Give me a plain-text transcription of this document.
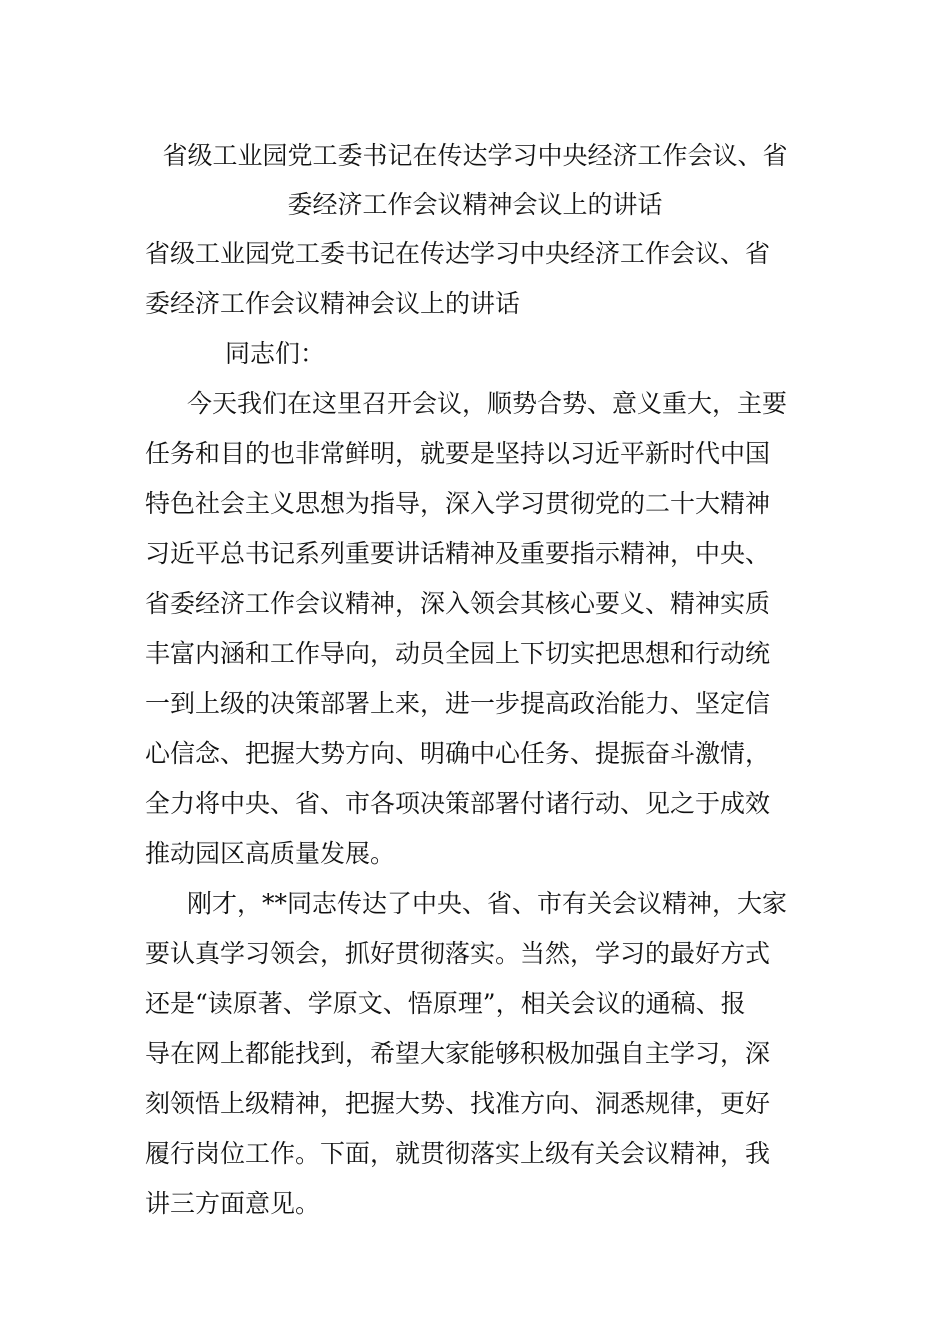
省级工业园党工委书记在传达学习中央经济工作会议、省
委经济工作会议精神会议上的讲话
省级工业园党工委书记在传达学习中央经济工作会议、省
委经济工作会议精神会议上的讲话
同志们：
今天我们在这里召开会议，顺势合势、意义重大，主要
任务和目的也非常鲜明，就要是坚持以习近平新时代中国
特色社会主义思想为指导，深入学习贯彻党的二十大精神
习近平总书记系列重要讲话精神及重要指示精神，中央、
省委经济工作会议精神，深入领会其核心要义、精神实质
丰富内涵和工作导向，动员全园上下切实把思想和行动统
一到上级的决策部署上来，进一步提高政治能力、坚定信
心信念、把握大势方向、明确中心任务、提振奋斗激情，
全力将中央、省、市各项决策部署付诸行动、见之于成效
推动园区高质量发展。
刚才，**同志传达了中央、省、市有关会议精神，大家
要认真学习领会，抓好贯彻落实。当然，学习的最好方式
还是“读原著、学原文、悟原理”，相关会议的通稿、报
导在网上都能找到，希望大家能够积极加强自主学习，深
刻领悟上级精神，把握大势、找准方向、洞悉规律，更好
履行岗位工作。下面，就贯彻落实上级有关会议精神，我
讲三方面意见。
